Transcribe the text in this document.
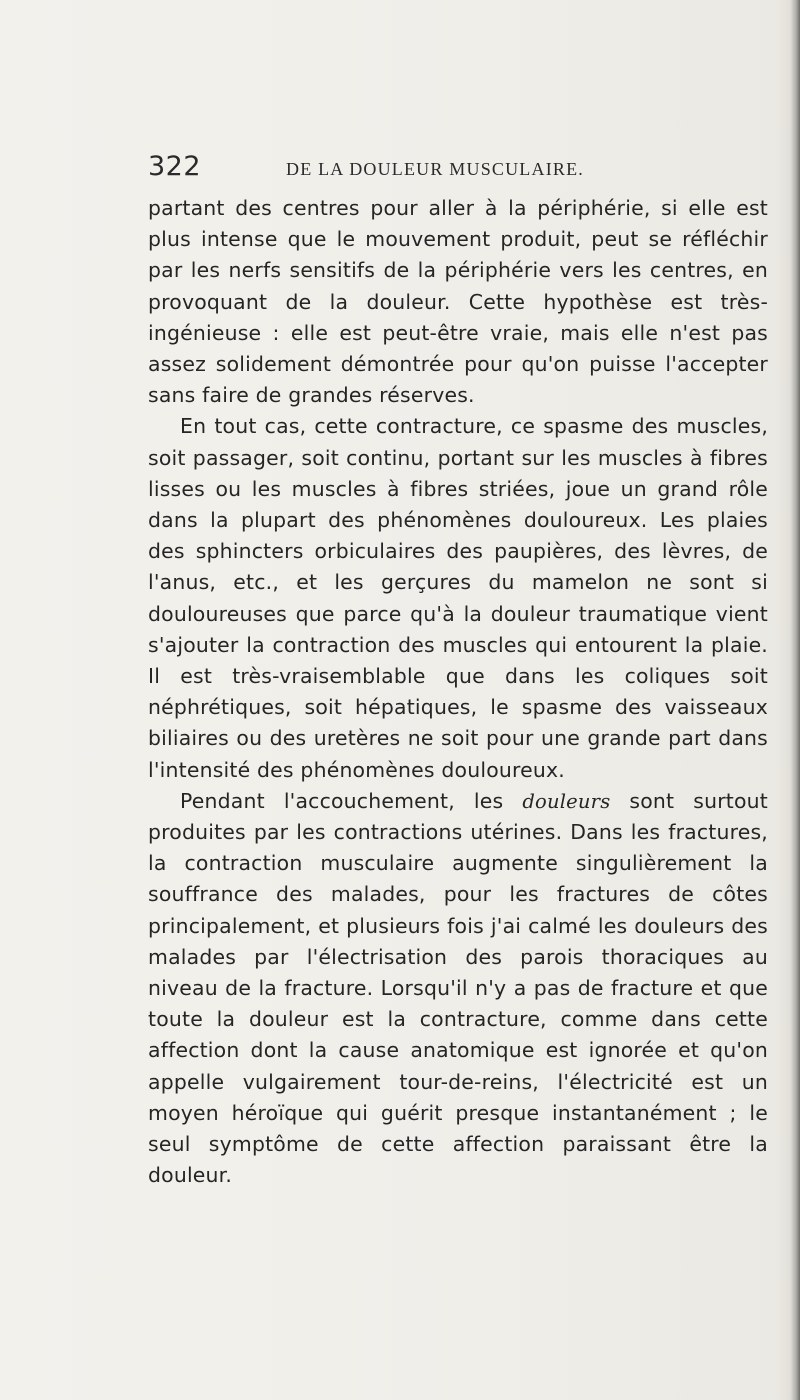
322	DE LA DOULEUR MUSCULAIRE.

partant des centres pour aller à la périphérie, si elle est plus intense que le mouvement produit, peut se réfléchir par les nerfs sensitifs de la périphérie vers les centres, en provoquant de la douleur. Cette hypothèse est très-ingénieuse : elle est peut-être vraie, mais elle n'est pas assez solidement démontrée pour qu'on puisse l'accepter sans faire de grandes réserves.

En tout cas, cette contracture, ce spasme des muscles, soit passager, soit continu, portant sur les muscles à fibres lisses ou les muscles à fibres striées, joue un grand rôle dans la plupart des phénomènes douloureux. Les plaies des sphincters orbiculaires des paupières, des lèvres, de l'anus, etc., et les gerçures du mamelon ne sont si douloureuses que parce qu'à la douleur traumatique vient s'ajouter la contraction des muscles qui entourent la plaie. Il est très-vraisemblable que dans les coliques soit néphrétiques, soit hépatiques, le spasme des vaisseaux biliaires ou des uretères ne soit pour une grande part dans l'intensité des phénomènes douloureux.

Pendant l'accouchement, les douleurs sont surtout produites par les contractions utérines. Dans les fractures, la contraction musculaire augmente singulièrement la souffrance des malades, pour les fractures de côtes principalement, et plusieurs fois j'ai calmé les douleurs des malades par l'électrisation des parois thoraciques au niveau de la fracture. Lorsqu'il n'y a pas de fracture et que toute la douleur est la contracture, comme dans cette affection dont la cause anatomique est ignorée et qu'on appelle vulgairement tour-de-reins, l'électricité est un moyen héroïque qui guérit presque instantanément ; le seul symptôme de cette affection paraissant être la douleur.
